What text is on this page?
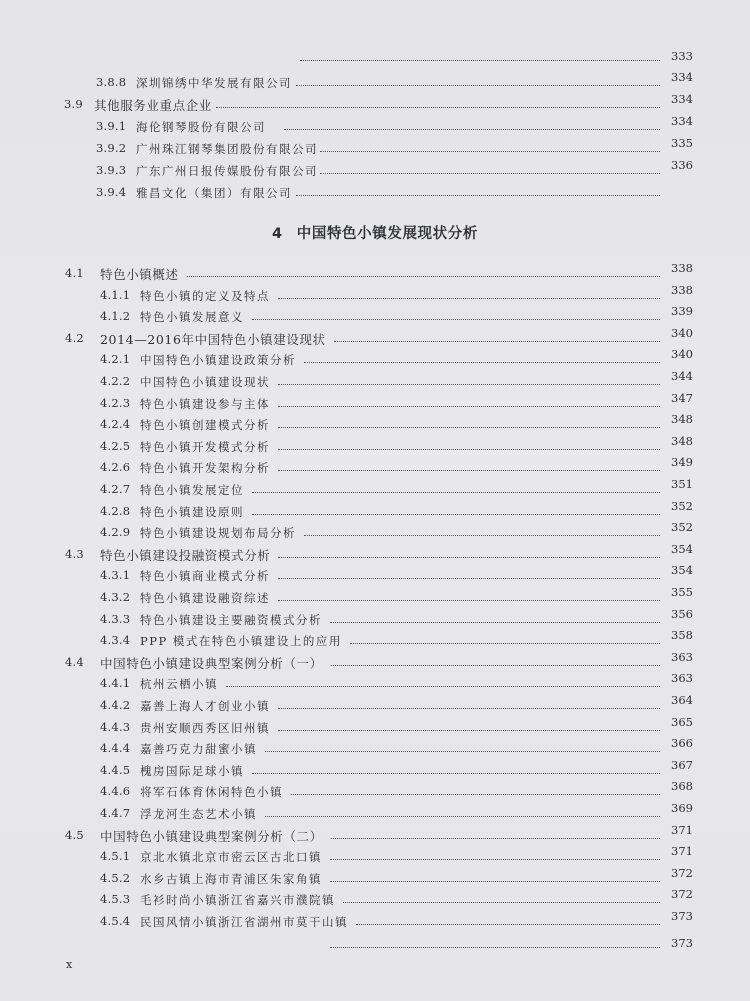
333
3.8.8 深圳锦绣中华发展有限公司	334
3.9 其他服务业重点企业	334
3.9.1 海伦钢琴股份有限公司	334
3.9.2 广州珠江钢琴集团股份有限公司	335
3.9.3 广东广州日报传媒股份有限公司	336
3.9.4 雅昌文化（集团）有限公司
4 中国特色小镇发展现状分析
4.1 特色小镇概述	338
4.1.1 特色小镇的定义及特点	338
4.1.2 特色小镇发展意义	339
4.2 2014—2016年中国特色小镇建设现状	340
4.2.1 中国特色小镇建设政策分析	340
4.2.2 中国特色小镇建设现状	344
4.2.3 特色小镇建设参与主体	347
4.2.4 特色小镇创建模式分析	348
4.2.5 特色小镇开发模式分析	348
4.2.6 特色小镇开发架构分析	349
4.2.7 特色小镇发展定位	351
4.2.8 特色小镇建设原则	352
4.2.9 特色小镇建设规划布局分析	352
4.3 特色小镇建设投融资模式分析	354
4.3.1 特色小镇商业模式分析	354
4.3.2 特色小镇建设融资综述	355
4.3.3 特色小镇建设主要融资模式分析	356
4.3.4 PPP 模式在特色小镇建设上的应用	358
4.4 中国特色小镇建设典型案例分析（一）	363
4.4.1 杭州云栖小镇	363
4.4.2 嘉善上海人才创业小镇	364
4.4.3 贵州安顺西秀区旧州镇	365
4.4.4 嘉善巧克力甜蜜小镇	366
4.4.5 槐房国际足球小镇	367
4.4.6 将军石体育休闲特色小镇	368
4.4.7 浮龙河生态艺术小镇	369
4.5 中国特色小镇建设典型案例分析（二）	371
4.5.1 京北水镇北京市密云区古北口镇	371
4.5.2 水乡古镇上海市青浦区朱家角镇	372
4.5.3 毛衫时尚小镇浙江省嘉兴市濮院镇	372
4.5.4 民国风情小镇浙江省湖州市莫干山镇	373
373
x
